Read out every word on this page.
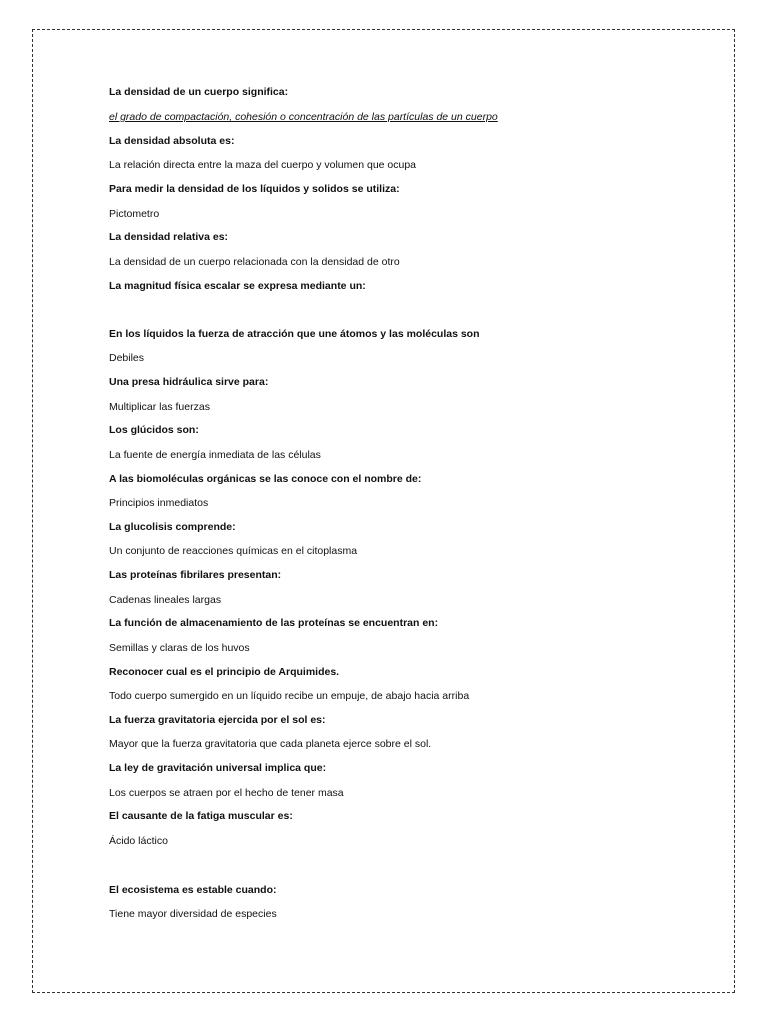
La densidad de un cuerpo significa:
el grado de compactación, cohesión o concentración de las partículas de un cuerpo
La densidad absoluta es:
La relación directa entre la maza del cuerpo y volumen que ocupa
Para medir la densidad de los líquidos y solidos se utiliza:
Pictometro
La densidad relativa es:
La densidad de un cuerpo relacionada con la densidad de otro
La magnitud física escalar se expresa mediante un:
En los líquidos la fuerza de atracción que une átomos y las moléculas son
Debiles
Una presa hidráulica sirve para:
Multiplicar las fuerzas
Los glúcidos son:
La fuente de energía inmediata de las células
A las biomoléculas orgánicas se las conoce con el nombre de:
Principios inmediatos
La glucolisis comprende:
Un conjunto de reacciones químicas en el citoplasma
Las proteínas fibrilares presentan:
Cadenas lineales largas
La función de almacenamiento de las proteínas se encuentran en:
Semillas y claras de los huvos
Reconocer cual es el principio de Arquimides.
Todo cuerpo sumergido en un líquido recibe un empuje, de abajo hacia arriba
La fuerza gravitatoria ejercida por el sol es:
Mayor que la fuerza gravitatoria que cada planeta ejerce sobre el sol.
La ley de gravitación universal implica que:
Los cuerpos se atraen por el hecho de tener masa
El causante de la fatiga muscular es:
Ácido láctico
El ecosistema es estable cuando:
Tiene mayor diversidad de especies
